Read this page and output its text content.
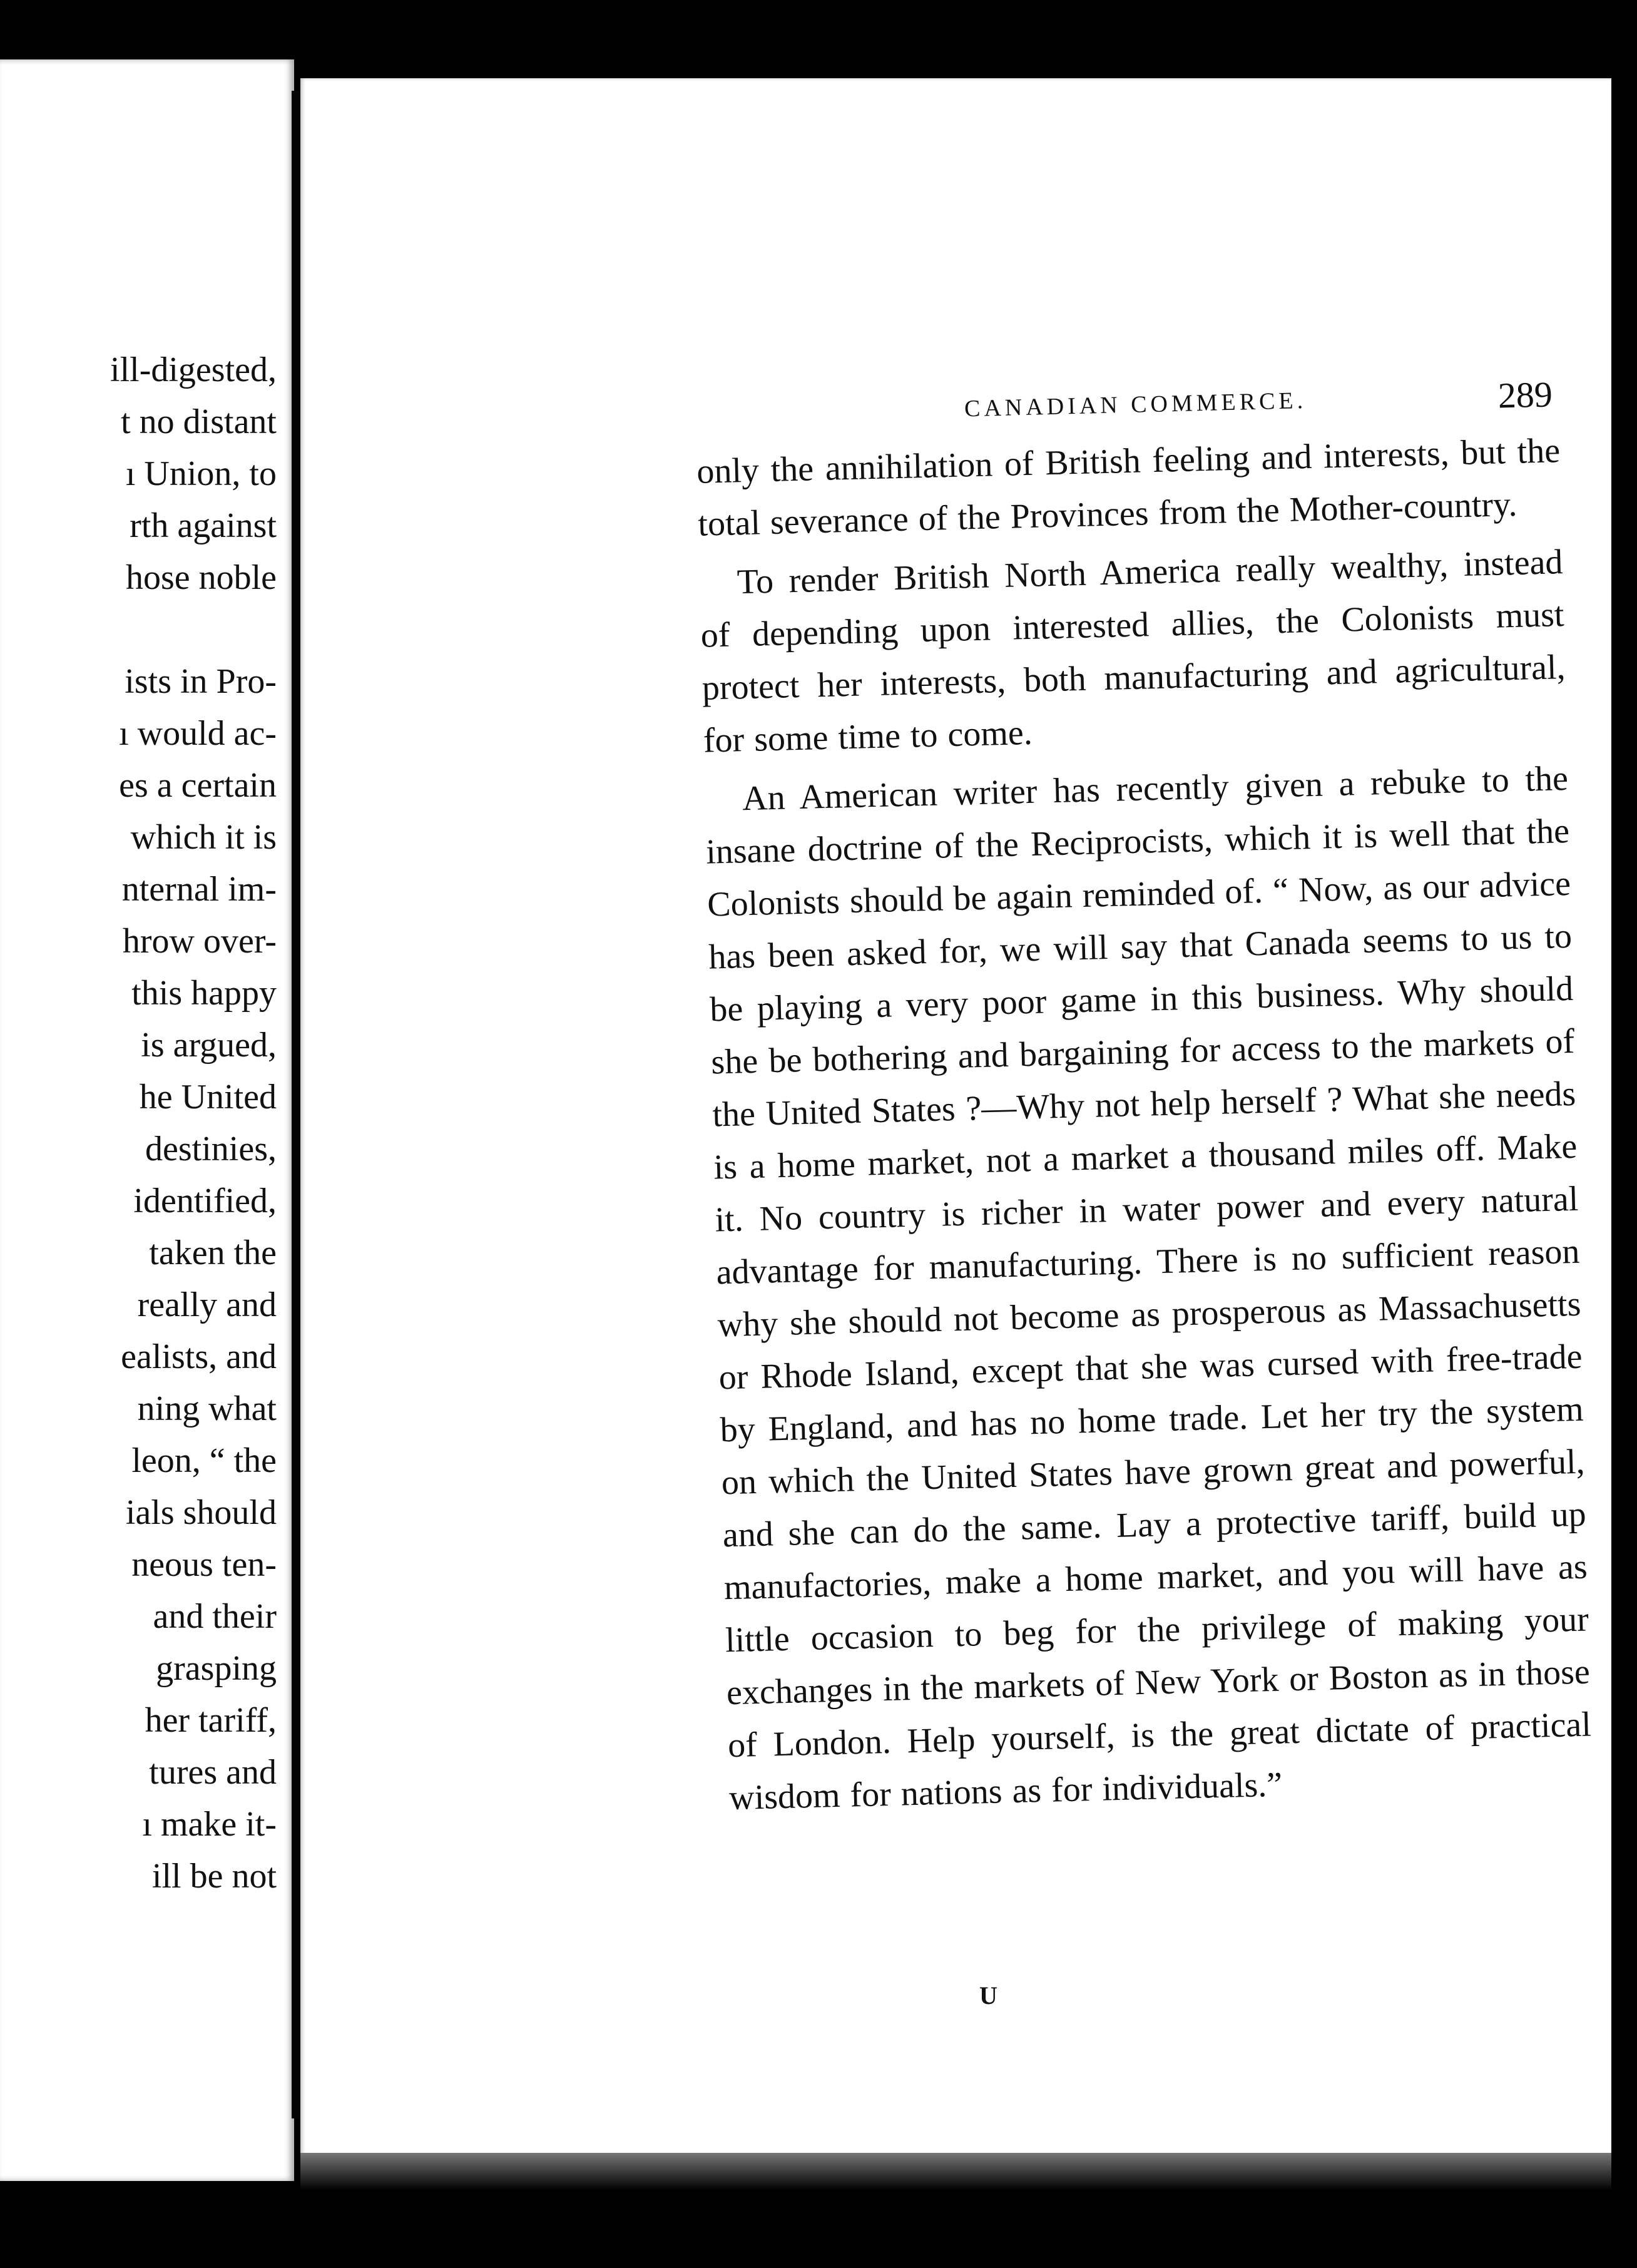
ill-digested,
t no distant
ı Union, to
rth against
hose noble
ists in Pro-
ı would ac-
es a certain
which it is
nternal im-
hrow over-
this happy
is argued,
he United
destinies,
identified,
taken the
really and
ealists, and
ning what
leon, “ the
ials should
neous ten-
and their
grasping
her tariff,
tures and
ı make it-
ill be not
CANADIAN COMMERCE.	289

only the annihilation of British feeling and interests, but the total severance of the Provinces from the Mother-country.

To render British North America really wealthy, instead of depending upon interested allies, the Colonists must protect her interests, both manufacturing and agricultural, for some time to come.

An American writer has recently given a rebuke to the insane doctrine of the Reciprocists, which it is well that the Colonists should be again reminded of. “ Now, as our advice has been asked for, we will say that Canada seems to us to be playing a very poor game in this business. Why should she be bothering and bargaining for access to the markets of the United States ?—Why not help herself ? What she needs is a home market, not a market a thousand miles off. Make it. No country is richer in water power and every natural advantage for manufacturing. There is no sufficient reason why she should not become as prosperous as Massachusetts or Rhode Island, except that she was cursed with free-trade by England, and has no home trade. Let her try the system on which the United States have grown great and powerful, and she can do the same. Lay a protective tariff, build up manufactories, make a home market, and you will have as little occasion to beg for the privilege of making your exchanges in the markets of New York or Boston as in those of London. Help yourself, is the great dictate of practical wisdom for nations as for individuals.”

U
